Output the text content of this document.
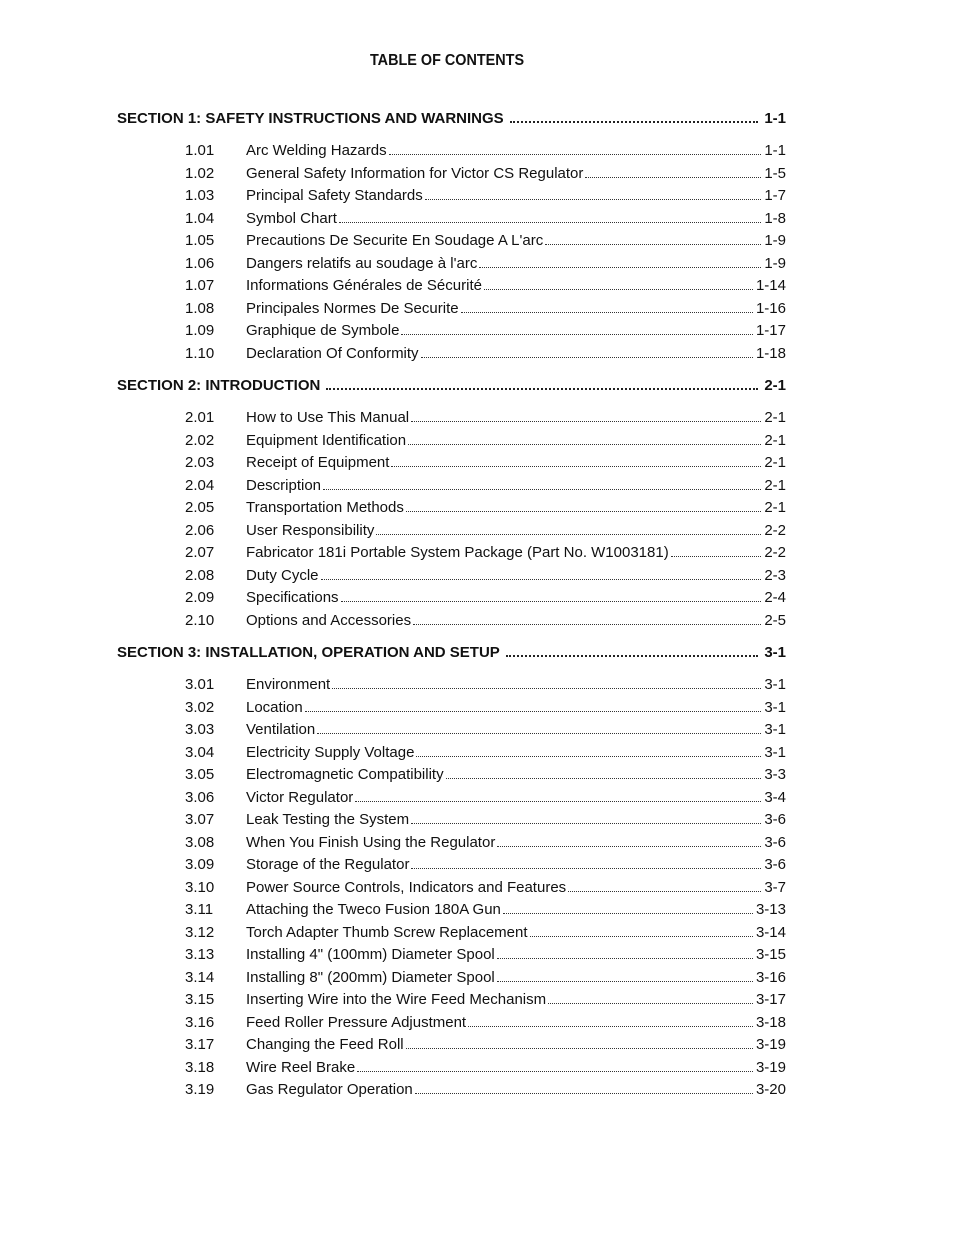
TABLE OF CONTENTS
SECTION 1: SAFETY INSTRUCTIONS AND WARNINGS	1-1
1.01	Arc Welding Hazards	1-1
1.02	General Safety Information for Victor CS Regulator	1-5
1.03	Principal Safety Standards	1-7
1.04	Symbol Chart	1-8
1.05	Precautions De Securite En Soudage A L'arc	1-9
1.06	Dangers relatifs au soudage à l'arc	1-9
1.07	Informations Générales de Sécurité	1-14
1.08	Principales Normes De Securite	1-16
1.09	Graphique de Symbole	1-17
1.10	Declaration Of Conformity	1-18
SECTION 2: INTRODUCTION	2-1
2.01	How to Use This Manual	2-1
2.02	Equipment Identification	2-1
2.03	Receipt of Equipment	2-1
2.04	Description	2-1
2.05	Transportation Methods	2-1
2.06	User Responsibility	2-2
2.07	Fabricator 181i Portable System Package (Part No. W1003181)	2-2
2.08	Duty Cycle	2-3
2.09	Specifications	2-4
2.10	Options and Accessories	2-5
SECTION 3: INSTALLATION, OPERATION AND SETUP	3-1
3.01	Environment	3-1
3.02	Location	3-1
3.03	Ventilation	3-1
3.04	Electricity Supply Voltage	3-1
3.05	Electromagnetic Compatibility	3-3
3.06	Victor Regulator	3-4
3.07	Leak Testing the System	3-6
3.08	When You Finish Using the Regulator	3-6
3.09	Storage of the Regulator	3-6
3.10	Power Source Controls, Indicators and Features	3-7
3.11	Attaching the Tweco Fusion 180A Gun	3-13
3.12	Torch Adapter Thumb Screw Replacement	3-14
3.13	Installing 4" (100mm) Diameter Spool	3-15
3.14	Installing 8" (200mm) Diameter Spool	3-16
3.15	Inserting Wire into the Wire Feed Mechanism	3-17
3.16	Feed Roller Pressure Adjustment	3-18
3.17	Changing the Feed Roll	3-19
3.18	Wire Reel Brake	3-19
3.19	Gas Regulator Operation	3-20
